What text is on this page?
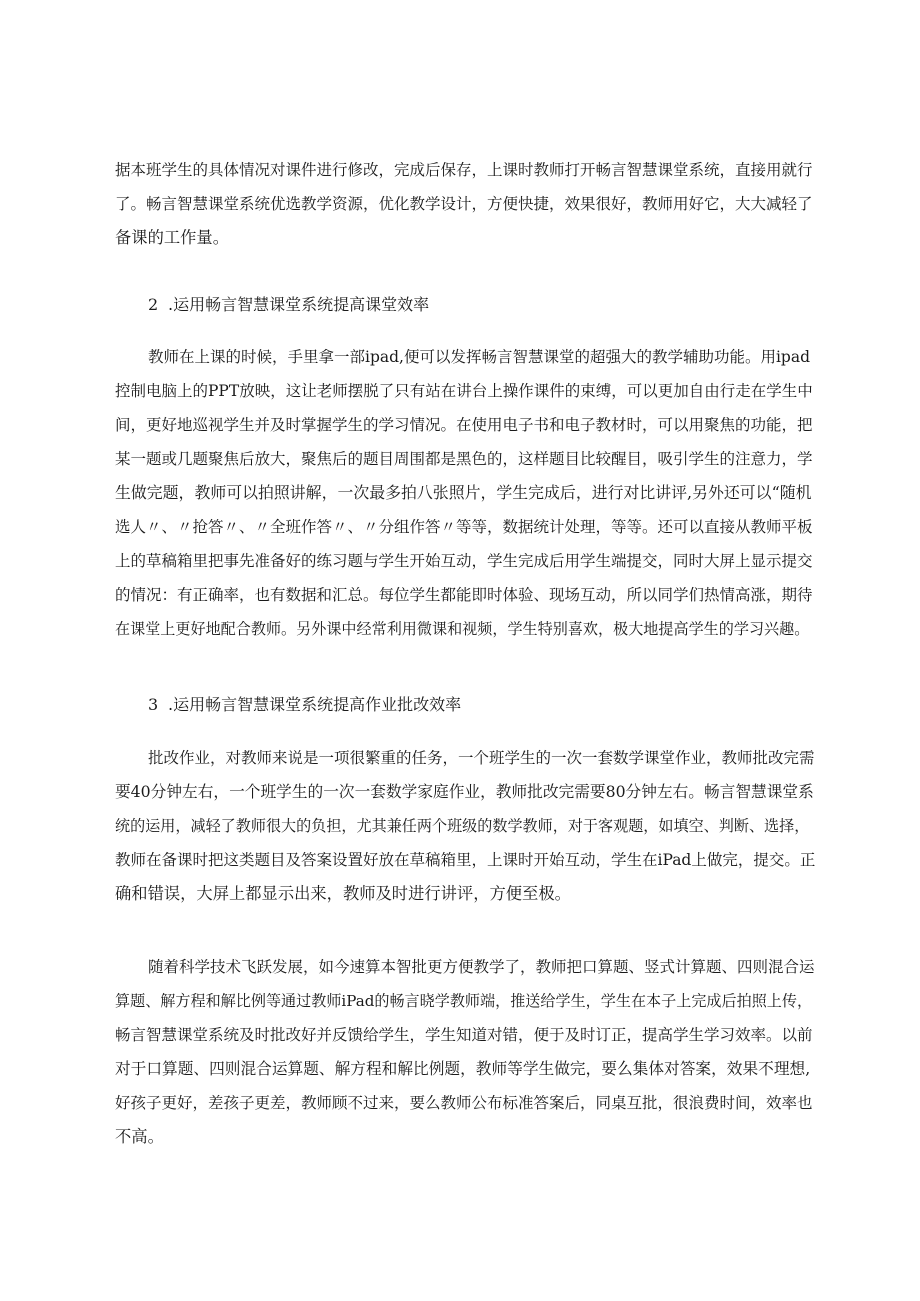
据本班学生的具体情况对课件进行修改，完成后保存，上课时教师打开畅言智慧课堂系统，直接用就行
了。畅言智慧课堂系统优选教学资源，优化教学设计，方便快捷，效果很好，教师用好它，大大减轻了
备课的工作量。
2 .运用畅言智慧课堂系统提高课堂效率
教师在上课的时候，手里拿一部ipad,便可以发挥畅言智慧课堂的超强大的教学辅助功能。用ipad
控制电脑上的PPT放映，这让老师摆脱了只有站在讲台上操作课件的束缚，可以更加自由行走在学生中
间，更好地巡视学生并及时掌握学生的学习情况。在使用电子书和电子教材时，可以用聚焦的功能，把
某一题或几题聚焦后放大，聚焦后的题目周围都是黑色的，这样题目比较醒目，吸引学生的注意力，学
生做完题，教师可以拍照讲解，一次最多拍八张照片，学生完成后，进行对比讲评,另外还可以“随机
选人〃、〃抢答〃、〃全班作答〃、〃分组作答〃等等，数据统计处理，等等。还可以直接从教师平板
上的草稿箱里把事先准备好的练习题与学生开始互动，学生完成后用学生端提交，同时大屏上显示提交
的情况：有正确率，也有数据和汇总。每位学生都能即时体验、现场互动，所以同学们热情高涨，期待
在课堂上更好地配合教师。另外课中经常利用微课和视频，学生特别喜欢，极大地提高学生的学习兴趣。
3 .运用畅言智慧课堂系统提高作业批改效率
批改作业，对教师来说是一项很繁重的任务，一个班学生的一次一套数学课堂作业，教师批改完需
要40分钟左右，一个班学生的一次一套数学家庭作业，教师批改完需要80分钟左右。畅言智慧课堂系
统的运用，减轻了教师很大的负担，尤其兼任两个班级的数学教师，对于客观题，如填空、判断、选择，
教师在备课时把这类题目及答案设置好放在草稿箱里，上课时开始互动，学生在iPad上做完，提交。正
确和错误，大屏上都显示出来，教师及时进行讲评，方便至极。
随着科学技术飞跃发展，如今速算本智批更方便教学了，教师把口算题、竖式计算题、四则混合运
算题、解方程和解比例等通过教师iPad的畅言晓学教师端，推送给学生，学生在本子上完成后拍照上传，
畅言智慧课堂系统及时批改好并反馈给学生，学生知道对错，便于及时订正，提高学生学习效率。以前
对于口算题、四则混合运算题、解方程和解比例题，教师等学生做完，要么集体对答案，效果不理想,
好孩子更好，差孩子更差，教师顾不过来，要么教师公布标准答案后，同桌互批，很浪费时间，效率也
不高。
